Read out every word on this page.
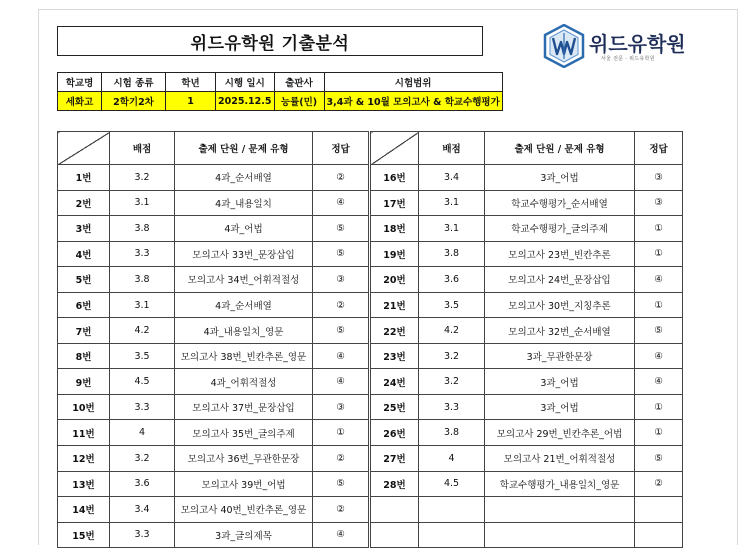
위드유학원 기출분석	위드유학원
서울 전문 · 위드유학원
학교명	시험 종류	학년	시행 일시	출판사	시험범위
세화고	2학기2차	1	2025.12.5	능률(민)	3,4과 & 10월 모의고사 & 학교수행평가
	배점	출제 단원 / 문제 유형	정답
1번	3.2	4과_순서배열	②
2번	3.1	4과_내용일치	④
3번	3.8	4과_어법	⑤
4번	3.3	모의고사 33번_문장삽입	⑤
5번	3.8	모의고사 34번_어휘적절성	③
6번	3.1	4과_순서배열	②
7번	4.2	4과_내용일치_영문	⑤
8번	3.5	모의고사 38번_빈칸추론_영문	④
9번	4.5	4과_어휘적절성	④
10번	3.3	모의고사 37번_문장삽입	③
11번	4	모의고사 35번_글의주제	①
12번	3.2	모의고사 36번_무관한문장	②
13번	3.6	모의고사 39번_어법	⑤
14번	3.4	모의고사 40번_빈칸추론_영문	②
15번	3.3	3과_글의제목	④
	배점	출제 단원 / 문제 유형	정답
16번	3.4	3과_어법	③
17번	3.1	학교수행평가_순서배열	③
18번	3.1	학교수행평가_글의주제	①
19번	3.8	모의고사 23번_빈칸추론	①
20번	3.6	모의고사 24번_문장삽입	④
21번	3.5	모의고사 30번_지칭추론	①
22번	4.2	모의고사 32번_순서배열	⑤
23번	3.2	3과_무관한문장	④
24번	3.2	3과_어법	④
25번	3.3	3과_어법	①
26번	3.8	모의고사 29번_빈칸추론_어법	①
27번	4	모의고사 21번_어휘적절성	⑤
28번	4.5	학교수행평가_내용일치_영문	②
